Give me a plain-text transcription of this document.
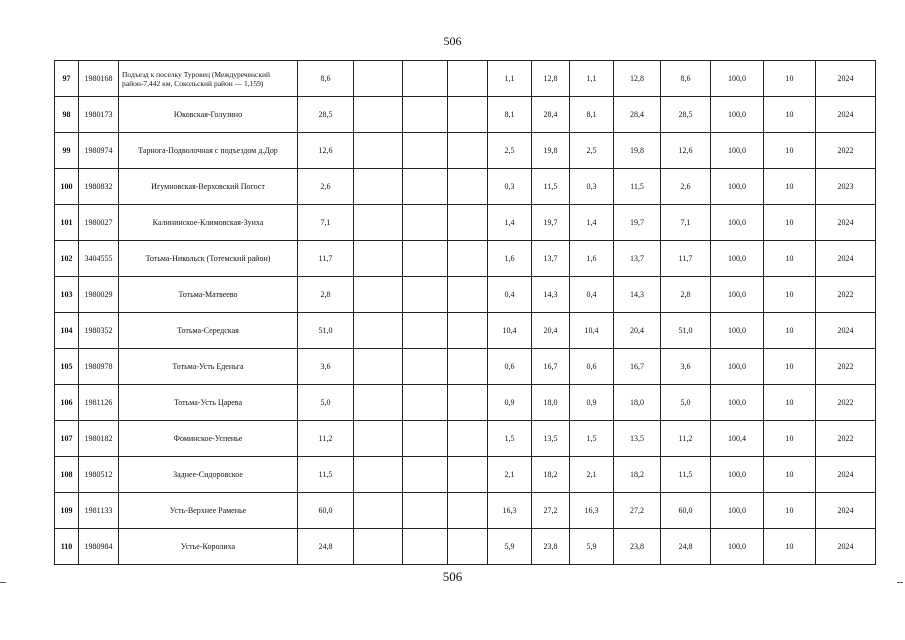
506
97	1980168	Подъезд к поселку Туровец (Междуреченский район-7,442 км, Сокольский район — 1,159)	8,6				1,1	12,8	1,1	12,8	8,6	100,0	10	2024
98	1980173	Юковская-Голузино	28,5				8,1	28,4	8,1	28,4	28,5	100,0	10	2024
99	1980974	Тарнога-Подволочная с подъездом д.Дор	12,6				2,5	19,8	2,5	19,8	12,6	100,0	10	2022
100	1980832	Игумновская-Верховский Погост	2,6				0,3	11,5	0,3	11,5	2,6	100,0	10	2023
101	1980027	Калининское-Климовская-Зуиха	7,1				1,4	19,7	1,4	19,7	7,1	100,0	10	2024
102	3404555	Тотьма-Никольск (Тотемский район)	11,7				1,6	13,7	1,6	13,7	11,7	100,0	10	2024
103	1980029	Тотьма-Матвеево	2,8				0,4	14,3	0,4	14,3	2,8	100,0	10	2022
104	1980352	Тотьма-Середская	51,0				10,4	20,4	10,4	20,4	51,0	100,0	10	2024
105	1980978	Тотьма-Усть Еденьга	3,6				0,6	16,7	0,6	16,7	3,6	100,0	10	2022
106	1981126	Тотьма-Усть Царева	5,0				0,9	18,0	0,9	18,0	5,0	100,0	10	2022
107	1980182	Фоминское-Успенье	11,2				1,5	13,5	1,5	13,5	11,2	100,4	10	2022
108	1980512	Заднее-Сидоровское	11,5				2,1	18,2	2,1	18,2	11,5	100,0	10	2024
109	1981133	Усть-Верхнее Раменье	60,0				16,3	27,2	16,3	27,2	60,0	100,0	10	2024
110	1980984	Устье-Королиха	24,8				5,9	23,8	5,9	23,8	24,8	100,0	10	2024
506
